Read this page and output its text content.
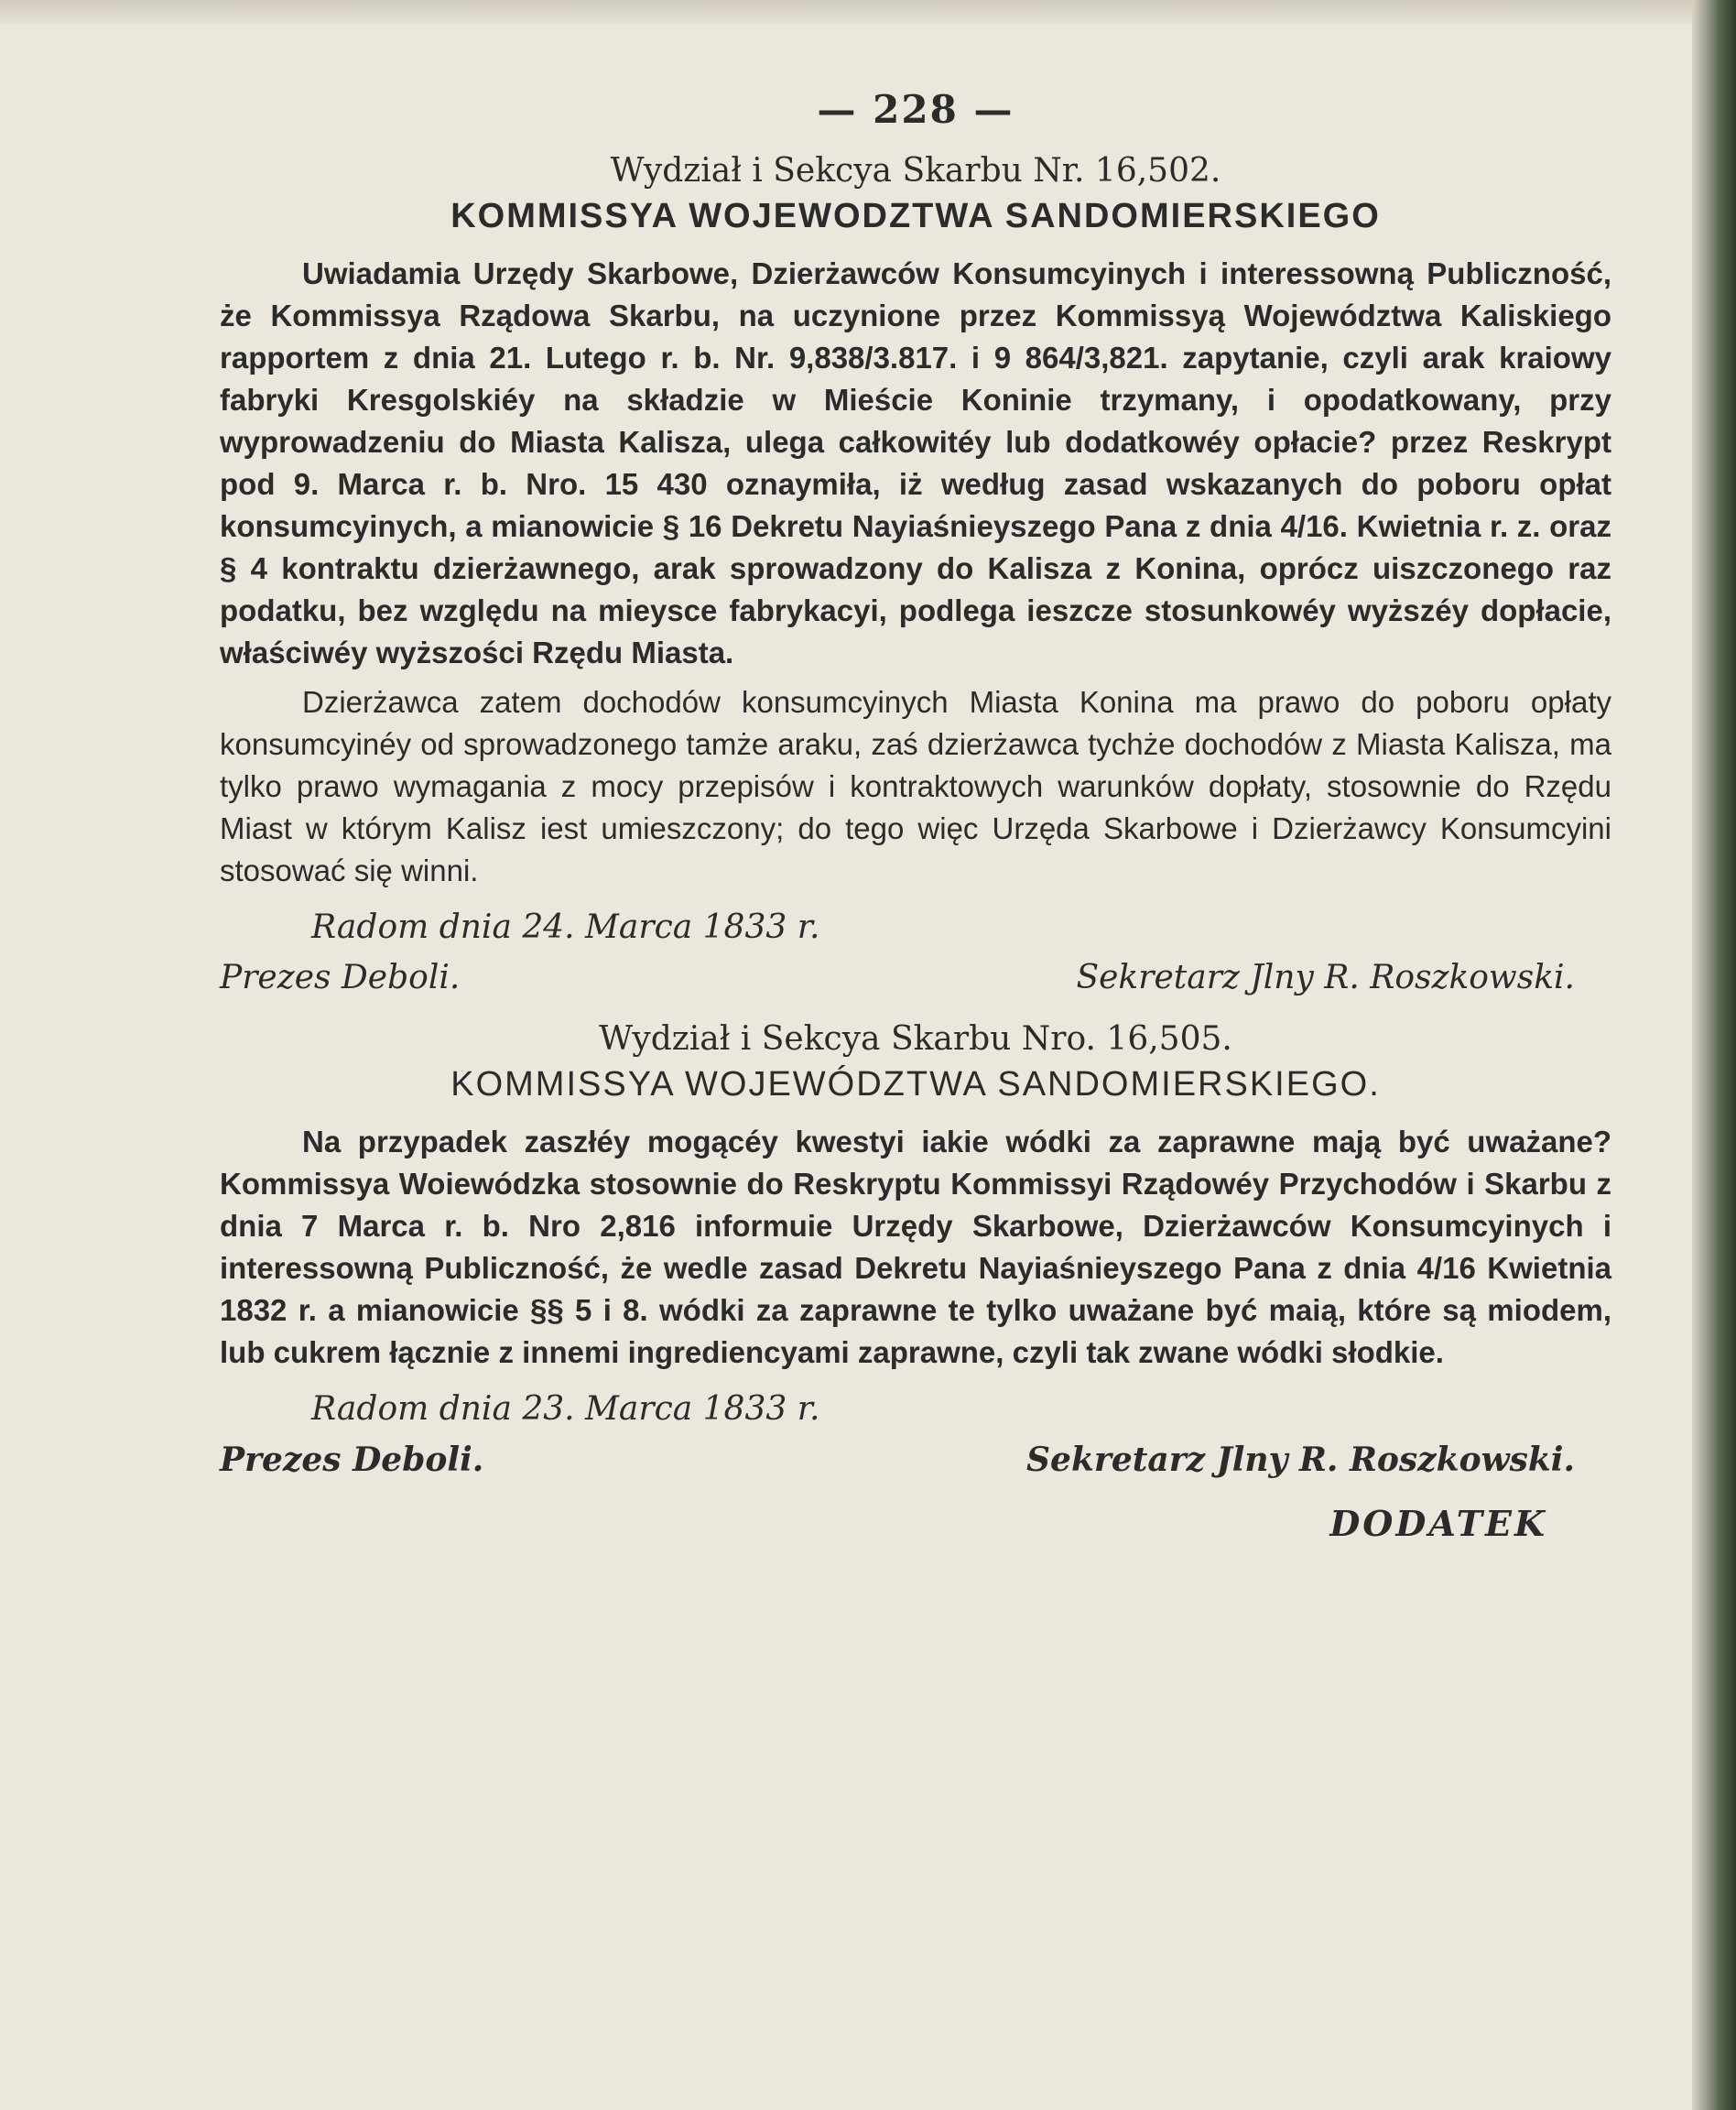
— 228 —
Wydział i Sekcya Skarbu Nr. 16,502.
KOMMISSYA WOJEWODZTWA SANDOMIERSKIEGO

Uwiadamia Urzędy Skarbowe, Dzierżawców Konsumcyinych i interessowną Publiczność, że Kommissya Rządowa Skarbu, na uczynione przez Kommissyą Województwa Kaliskiego rapportem z dnia 21. Lutego r. b. Nr. 9,838/3.817. i 9 864/3,821. zapytanie, czyli arak kraiowy fabryki Kresgolskiéy na składzie w Mieście Koninie trzymany, i opodatkowany, przy wyprowadzeniu do Miasta Kalisza, ulega całkowitéy lub dodatkowéy opłacie? przez Reskrypt pod 9. Marca r. b. Nro. 15 430 oznaymiła, iż według zasad wskazanych do poboru opłat konsumcyinych, a mianowicie § 16 Dekretu Nayiaśnieyszego Pana z dnia 4/16. Kwietnia r. z. oraz § 4 kontraktu dzierżawnego, arak sprowadzony do Kalisza z Konina, oprócz uiszczonego raz podatku, bez względu na mieysce fabrykacyi, podlega ieszcze stosunkowéy wyższéy dopłacie, właściwéy wyższości Rzędu Miasta.

Dzierżawca zatem dochodów konsumcyinych Miasta Konina ma prawo do poboru opłaty konsumcyinéy od sprowadzonego tamże araku, zaś dzierżawca tychże dochodów z Miasta Kalisza, ma tylko prawo wymagania z mocy przepisów i kontraktowych warunków dopłaty, stosownie do Rzędu Miast w którym Kalisz iest umieszczony; do tego więc Urzęda Skarbowe i Dzierżawcy Konsumcyini stosować się winni.

Radom dnia 24. Marca 1833 r.
Prezes Deboli.	Sekretarz Jlny R. Roszkowski.
Wydział i Sekcya Skarbu Nro. 16,505.
KOMMISSYA WOJEWÓDZTWA SANDOMIERSKIEGO.

Na przypadek zaszłéy mogącéy kwestyi iakie wódki za zaprawne mają być uważane? Kommissya Woiewódzka stosownie do Reskryptu Kommissyi Rządowéy Przychodów i Skarbu z dnia 7 Marca r. b. Nro 2,816 informuie Urzędy Skarbowe, Dzierżawców Konsumcyinych i interessowną Publiczność, że wedle zasad Dekretu Nayiaśnieyszego Pana z dnia 4/16 Kwietnia 1832 r. a mianowicie §§ 5 i 8. wódki za zaprawne te tylko uważane być maią, które są miodem, lub cukrem łącznie z innemi ingrediencyami zaprawne, czyli tak zwane wódki słodkie.

Radom dnia 23. Marca 1833 r.
Prezes Deboli.	Sekretarz Jlny R. Roszkowski.
DODATEK
